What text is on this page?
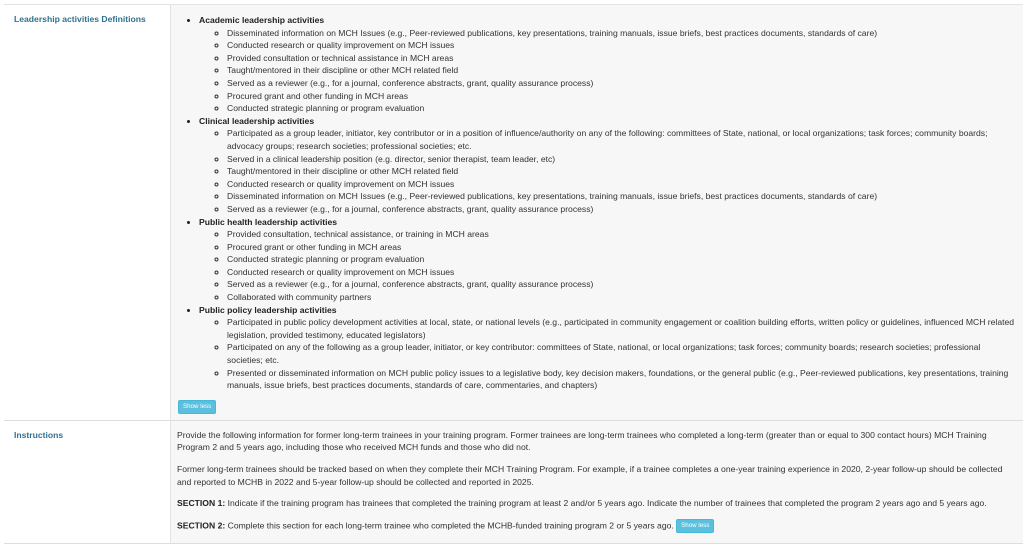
Leadership activities Definitions
•	Academic leadership activities
◦ Disseminated information on MCH Issues (e.g., Peer-reviewed publications, key presentations, training manuals, issue briefs, best practices documents, standards of care)
◦ Conducted research or quality improvement on MCH issues
◦ Provided consultation or technical assistance in MCH areas
◦ Taught/mentored in their discipline or other MCH related field
◦ Served as a reviewer (e.g., for a journal, conference abstracts, grant, quality assurance process)
◦ Procured grant and other funding in MCH areas
◦ Conducted strategic planning or program evaluation
• Clinical leadership activities
◦ Participated as a group leader, initiator, key contributor or in a position of influence/authority on any of the following: committees of State, national, or local organizations; task forces; community boards; advocacy groups; research societies; professional societies; etc.
◦ Served in a clinical leadership position (e.g. director, senior therapist, team leader, etc)
◦ Taught/mentored in their discipline or other MCH related field
◦ Conducted research or quality improvement on MCH issues
◦ Disseminated information on MCH Issues (e.g., Peer-reviewed publications, key presentations, training manuals, issue briefs, best practices documents, standards of care)
◦ Served as a reviewer (e.g., for a journal, conference abstracts, grant, quality assurance process)
• Public health leadership activities
◦ Provided consultation, technical assistance, or training in MCH areas
◦ Procured grant or other funding in MCH areas
◦ Conducted strategic planning or program evaluation
◦ Conducted research or quality improvement on MCH issues
◦ Served as a reviewer (e.g., for a journal, conference abstracts, grant, quality assurance process)
◦ Collaborated with community partners
• Public policy leadership activities
◦ Participated in public policy development activities at local, state, or national levels (e.g., participated in community engagement or coalition building efforts, written policy or guidelines, influenced MCH related legislation, provided testimony, educated legislators)
◦ Participated on any of the following as a group leader, initiator, or key contributor: committees of State, national, or local organizations; task forces; community boards; research societies; professional societies; etc.
◦ Presented or disseminated information on MCH public policy issues to a legislative body, key decision makers, foundations, or the general public (e.g., Peer-reviewed publications, key presentations, training manuals, issue briefs, best practices documents, standards of care, commentaries, and chapters)
Show less
Instructions	Provide the following information for former long-term trainees in your training program. Former trainees are long-term trainees who completed a long-term (greater than or equal to 300 contact hours) MCH Training Program 2 and 5 years ago, including those who received MCH funds and those who did not.

Former long-term trainees should be tracked based on when they complete their MCH Training Program. For example, if a trainee completes a one-year training experience in 2020, 2-year follow-up should be collected and reported to MCHB in 2022 and 5-year follow-up should be collected and reported in 2025.

SECTION 1: Indicate if the training program has trainees that completed the training program at least 2 and/or 5 years ago. Indicate the number of trainees that completed the program 2 years ago and 5 years ago.

SECTION 2: Complete this section for each long-term trainee who completed the MCHB-funded training program 2 or 5 years ago. Show less
